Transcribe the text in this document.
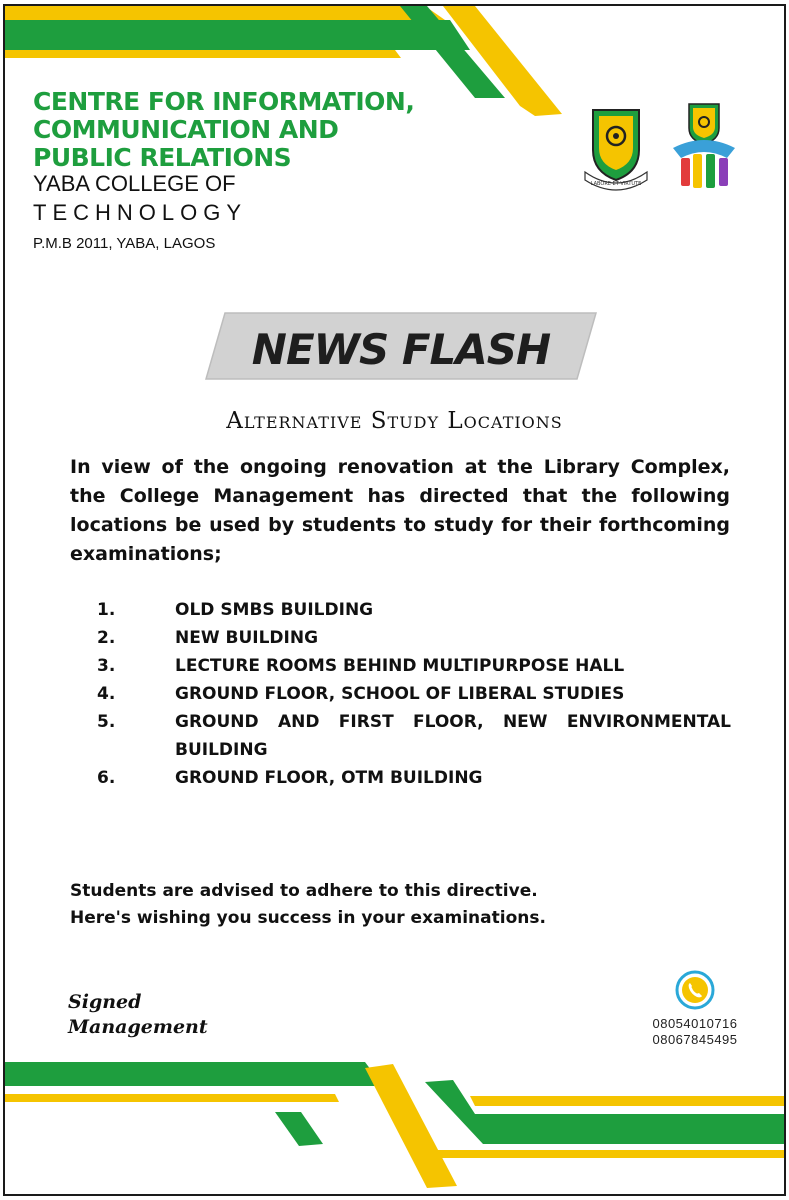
CENTRE FOR INFORMATION,
COMMUNICATION AND
PUBLIC RELATIONS
YABA COLLEGE OF
TECHNOLOGY
P.M.B 2011, YABA, LAGOS
LABORE ET VIRTUTE
NEWS FLASH
Alternative Study Locations

In view of the ongoing renovation at the Library Complex, the College Management has directed that the following locations be used by students to study for their forthcoming examinations;

1.	OLD SMBS BUILDING
2.	NEW BUILDING
3.	LECTURE ROOMS BEHIND MULTIPURPOSE HALL
4.	GROUND FLOOR, SCHOOL OF LIBERAL STUDIES
5.	GROUND AND FIRST FLOOR, NEW ENVIRONMENTAL BUILDING
6.	GROUND FLOOR, OTM BUILDING

Students are advised to adhere to this directive.

Here's wishing you success in your examinations.

Signed

Management	08054010716
08067845495
